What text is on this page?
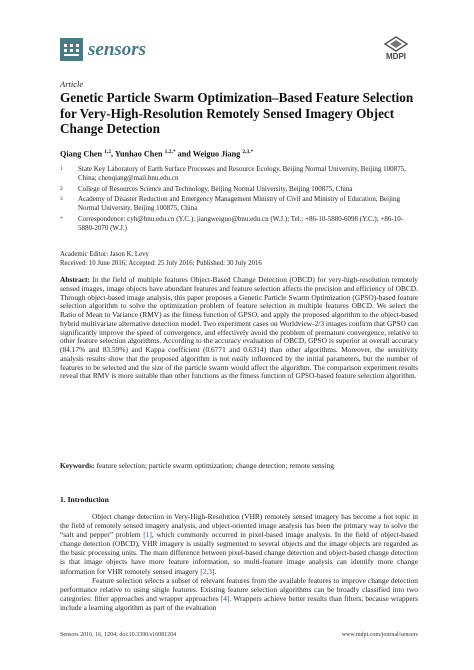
sensors	MDPI
Article
Genetic Particle Swarm Optimization–Based Feature Selection for Very-High-Resolution Remotely Sensed Imagery Object Change Detection
Qiang Chen $^{1,2}$, Yunhao Chen $^{1,2,*}$ and Weiguo Jiang $^{2,3,*}$
1 State Key Laboratory of Earth Surface Processes and Resource Ecology, Beijing Normal University, Beijing 100875, China; chenqiang@mail.bnu.edu.cn
2 College of Resources Science and Technology, Beijing Normal University, Beijing 100875, China
3 Academy of Disaster Reduction and Emergency Management Ministry of Civil and Ministry of Education, Beijing Normal University, Beijing 100875, China
* Correspondence: cyh@bnu.edu.cn (Y.C.); jiangweiguo@bnu.edu.cn (W.J.); Tel.: +86-10-5880-6098 (Y.C.); +86-10-5880-2070 (W.J.)
Academic Editor: Jason K. Levy
Received: 10 June 2016; Accepted: 25 July 2016; Published: 30 July 2016

Abstract: In the field of multiple features Object-Based Change Detection (OBCD) for very-high-resolution remotely sensed images, image objects have abundant features and feature selection affects the precision and efficiency of OBCD. Through object-based image analysis, this paper proposes a Genetic Particle Swarm Optimization (GPSO)-based feature selection algorithm to solve the optimization problem of feature selection in multiple features OBCD. We select the Ratio of Mean to Variance (RMV) as the fitness function of GPSO, and apply the proposed algorithm to the object-based hybrid multivariate alternative detection model. Two experiment cases on Worldview-2/3 images confirm that GPSO can significantly improve the speed of convergence, and effectively avoid the problem of premature convergence, relative to other feature selection algorithms. According to the accuracy evaluation of OBCD, GPSO is superior at overall accuracy (84.17% and 83.59%) and Kappa coefficient (0.6771 and 0.6314) than other algorithms. Moreover, the sensitivity analysis results show that the proposed algorithm is not easily influenced by the initial parameters, but the number of features to be selected and the size of the particle swarm would affect the algorithm. The comparison experiment results reveal that RMV is more suitable than other functions as the fitness function of GPSO-based feature selection algorithm.

Keywords: feature selection; particle swarm optimization; change detection; remote sensing
1. Introduction

Object change detection in Very-High-Resolution (VHR) remotely sensed imagery has become a hot topic in the field of remotely sensed imagery analysis, and object-oriented image analysis has been the primary way to solve the “salt and pepper” problem [1], which commonly occurred in pixel-based image analysis. In the field of object-based change detection (OBCD), VHR imagery is usually segmented to several objects and the image objects are regarded as the basic processing units. The main difference between pixel-based change detection and object-based change detection is that image objects have more feature information, so multi-feature image analysis can identify more change information for VHR remotely sensed imagery [2,3].

Feature selection selects a subset of relevant features from the available features to improve change detection performance relative to using single features. Existing feature selection algorithms can be broadly classified into two categories: filter approaches and wrapper approaches [4]. Wrappers achieve better results than filters, because wrappers include a learning algorithm as part of the evaluation

Sensors 2016, 16, 1204; doi:10.3390/s16081204	www.mdpi.com/journal/sensors
